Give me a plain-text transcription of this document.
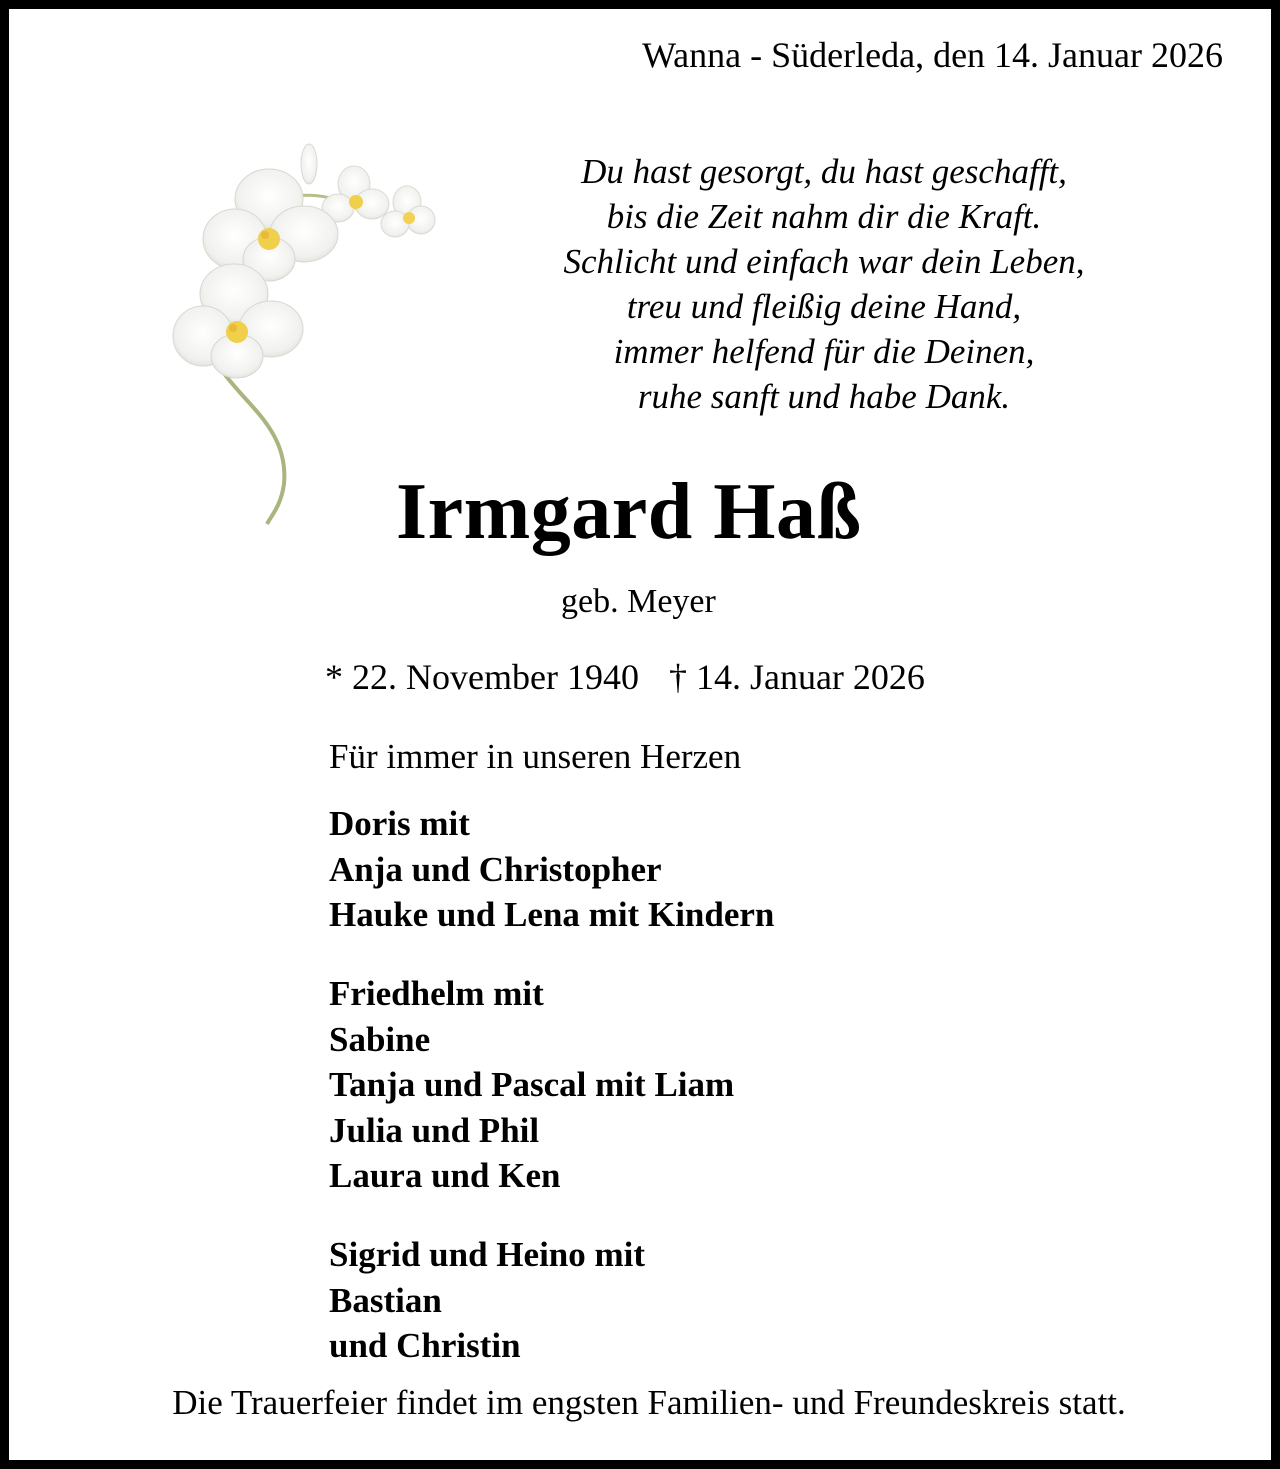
Wanna - Süderleda, den 14. Januar 2026
Du hast gesorgt, du hast geschafft,
bis die Zeit nahm dir die Kraft.
Schlicht und einfach war dein Leben,
treu und fleißig deine Hand,
immer helfend für die Deinen,
ruhe sanft und habe Dank.
Irmgard Haß
geb. Meyer
* 22. November 1940 † 14. Januar 2026
Für immer in unseren Herzen
Doris mit
Anja und Christopher
Hauke und Lena mit Kindern
Friedhelm mit
Sabine
Tanja und Pascal mit Liam
Julia und Phil
Laura und Ken
Sigrid und Heino mit
Bastian
und Christin
Die Trauerfeier findet im engsten Familien- und Freundeskreis statt.
